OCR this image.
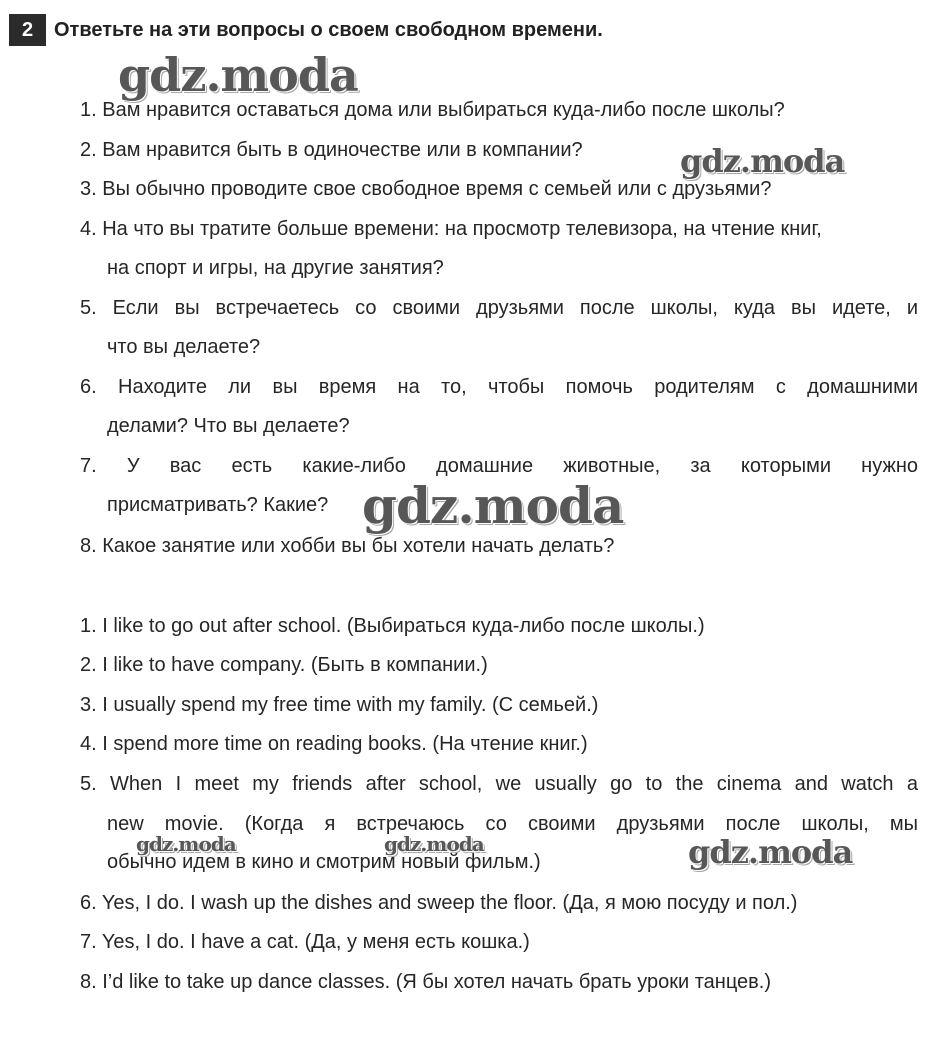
2	Ответьте на эти вопросы о своем свободном времени.
1. Вам нравится оставаться дома или выбираться куда-либо после школы?
2. Вам нравится быть в одиночестве или в компании?
3. Вы обычно проводите свое свободное время с семьей или с друзьями?
4. На что вы тратите больше времени: на просмотр телевизора, на чтение книг,
на спорт и игры, на другие занятия?
5. Если вы встречаетесь со своими друзьями после школы, куда вы идете, и
что вы делаете?
6. Находите ли вы время на то, чтобы помочь родителям с домашними
делами? Что вы делаете?
7. У вас есть какие-либо домашние животные, за которыми нужно
присматривать? Какие?
8. Какое занятие или хобби вы бы хотели начать делать?
1. I like to go out after school. (Выбираться куда-либо после школы.)
2. I like to have company. (Быть в компании.)
3. I usually spend my free time with my family. (С семьей.)
4. I spend more time on reading books. (На чтение книг.)
5. When I meet my friends after school, we usually go to the cinema and watch a
new movie. (Когда я встречаюсь со своими друзьями после школы, мы
обычно идем в кино и смотрим новый фильм.)
6. Yes, I do. I wash up the dishes and sweep the floor. (Да, я мою посуду и пол.)
7. Yes, I do. I have a cat. (Да, у меня есть кошка.)
8. I’d like to take up dance classes. (Я бы хотел начать брать уроки танцев.)
gdz.moda
gdz.moda
gdz.moda
gdz.moda	gdz.moda	gdz.moda
